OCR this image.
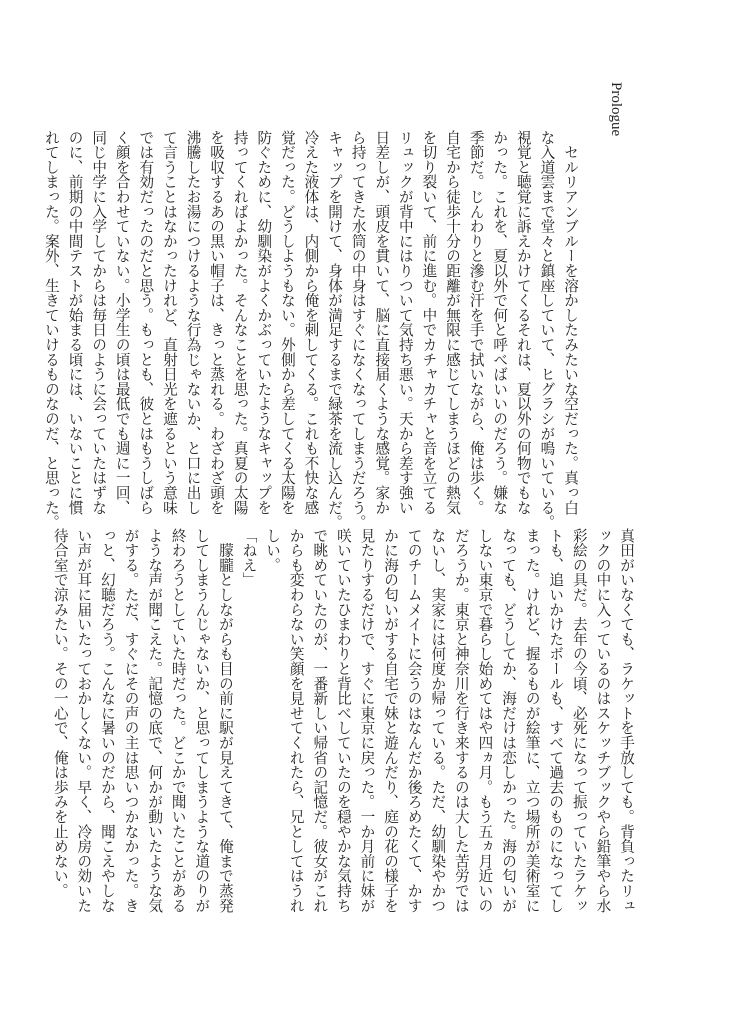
Prologue

　セルリアンブルーを溶かしたみたいな空だった。真っ白

な入道雲まで堂々と鎮座していて、ヒグラシが鳴いている。

視覚と聴覚に訴えかけてくるそれは、夏以外の何物でもな

かった。これを、夏以外で何と呼べばいいのだろう。嫌な

季節だ。じんわりと滲む汗を手で拭いながら、俺は歩く。

自宅から徒歩十分の距離が無限に感じてしまうほどの熱気

を切り裂いて、前に進む。中でカチャカチャと音を立てる

リュックが背中にはりついて気持ち悪い。天から差す強い

日差しが、頭皮を貫いて、脳に直接届くような感覚。家か

ら持ってきた水筒の中身はすぐになくなってしまうだろう。

キャップを開けて、身体が満足するまで緑茶を流し込んだ。

冷えた液体は、内側から俺を刺してくる。これも不快な感

覚だった。どうしようもない。外側から差してくる太陽を

防ぐために、幼馴染がよくかぶっていたようなキャップを

持ってくればよかった。そんなことを思った。真夏の太陽

を吸収するあの黒い帽子は、きっと蒸れる。わざわざ頭を

沸騰したお湯につけるような行為じゃないか、と口に出し

て言うことはなかったけれど、直射日光を遮るという意味

では有効だったのだと思う。もっとも、彼とはもうしばら

く顔を合わせていない。小学生の頃は最低でも週に一回、

同じ中学に入学してからは毎日のように会っていたはずな

のに、前期の中間テストが始まる頃には、いないことに慣

れてしまった。案外、生きていけるものなのだ、と思った。

真田がいなくても、ラケットを手放しても。背負ったリュ

ックの中に入っているのはスケッチブックやら鉛筆やら水

彩絵の具だ。去年の今頃、必死になって振っていたラケッ

トも、追いかけたボールも、すべて過去のものになってし

まった。けれど、握るものが絵筆に、立つ場所が美術室に

なっても、どうしてか、海だけは恋しかった。海の匂いが

しない東京で暮らし始めてはや四ヵ月。もう五ヵ月近いの

だろうか。東京と神奈川を行き来するのは大した苦労では

ないし、実家には何度か帰っている。ただ、幼馴染やかつ

てのチームメイトに会うのはなんだか後ろめたくて、かす

かに海の匂いがする自宅で妹と遊んだり、庭の花の様子を

見たりするだけで、すぐに東京に戻った。一か月前に妹が

咲いていたひまわりと背比べしていたのを穏やかな気持ち

で眺めていたのが、一番新しい帰省の記憶だ。彼女がこれ

からも変わらない笑顔を見せてくれたら、兄としてはうれ

しい。

「ねえ」

　朦朧としながらも目の前に駅が見えてきて、俺まで蒸発

してしまうんじゃないか、と思ってしまうような道のりが

終わろうとしていた時だった。どこかで聞いたことがある

ような声が聞こえた。記憶の底で、何かが動いたような気

がする。ただ、すぐにその声の主は思いつかなかった。き

っと、幻聴だろう。こんなに暑いのだから、聞こえやしな

い声が耳に届いたっておかしくない。早く、冷房の効いた

待合室で涼みたい。その一心で、俺は歩みを止めない。
